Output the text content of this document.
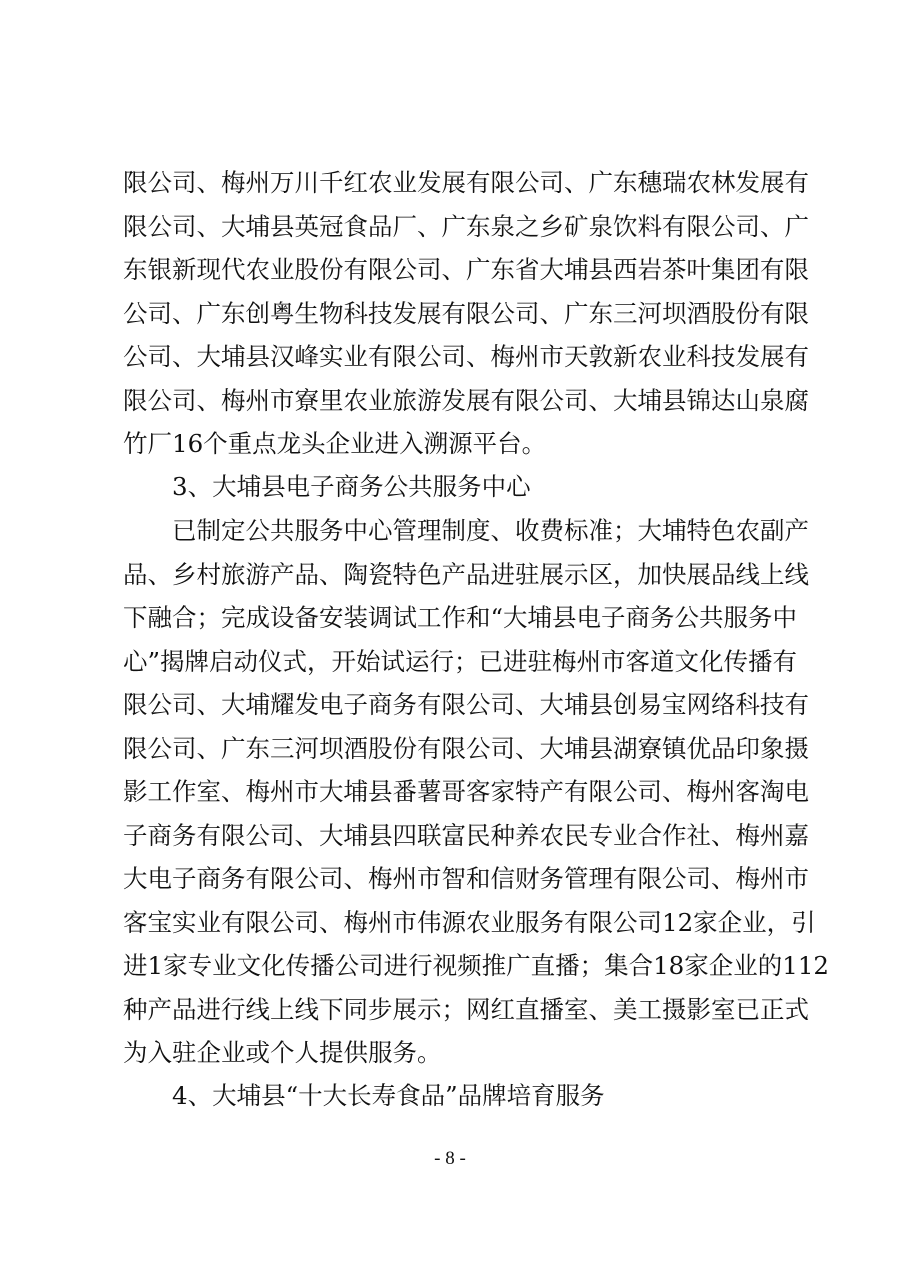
限公司、梅州万川千红农业发展有限公司、广东穗瑞农林发展有
限公司、大埔县英冠食品厂、广东泉之乡矿泉饮料有限公司、广
东银新现代农业股份有限公司、广东省大埔县西岩茶叶集团有限
公司、广东创粤生物科技发展有限公司、广东三河坝酒股份有限
公司、大埔县汉峰实业有限公司、梅州市天敦新农业科技发展有
限公司、梅州市寮里农业旅游发展有限公司、大埔县锦达山泉腐
竹厂16个重点龙头企业进入溯源平台。
3、大埔县电子商务公共服务中心
已制定公共服务中心管理制度、收费标准；大埔特色农副产
品、乡村旅游产品、陶瓷特色产品进驻展示区，加快展品线上线
下融合；完成设备安装调试工作和“大埔县电子商务公共服务中
心”揭牌启动仪式，开始试运行；已进驻梅州市客道文化传播有
限公司、大埔耀发电子商务有限公司、大埔县创易宝网络科技有
限公司、广东三河坝酒股份有限公司、大埔县湖寮镇优品印象摄
影工作室、梅州市大埔县番薯哥客家特产有限公司、梅州客淘电
子商务有限公司、大埔县四联富民种养农民专业合作社、梅州嘉
大电子商务有限公司、梅州市智和信财务管理有限公司、梅州市
客宝实业有限公司、梅州市伟源农业服务有限公司12家企业，引
进1家专业文化传播公司进行视频推广直播；集合18家企业的112
种产品进行线上线下同步展示；网红直播室、美工摄影室已正式
为入驻企业或个人提供服务。
4、大埔县“十大长寿食品”品牌培育服务
- 8 -
